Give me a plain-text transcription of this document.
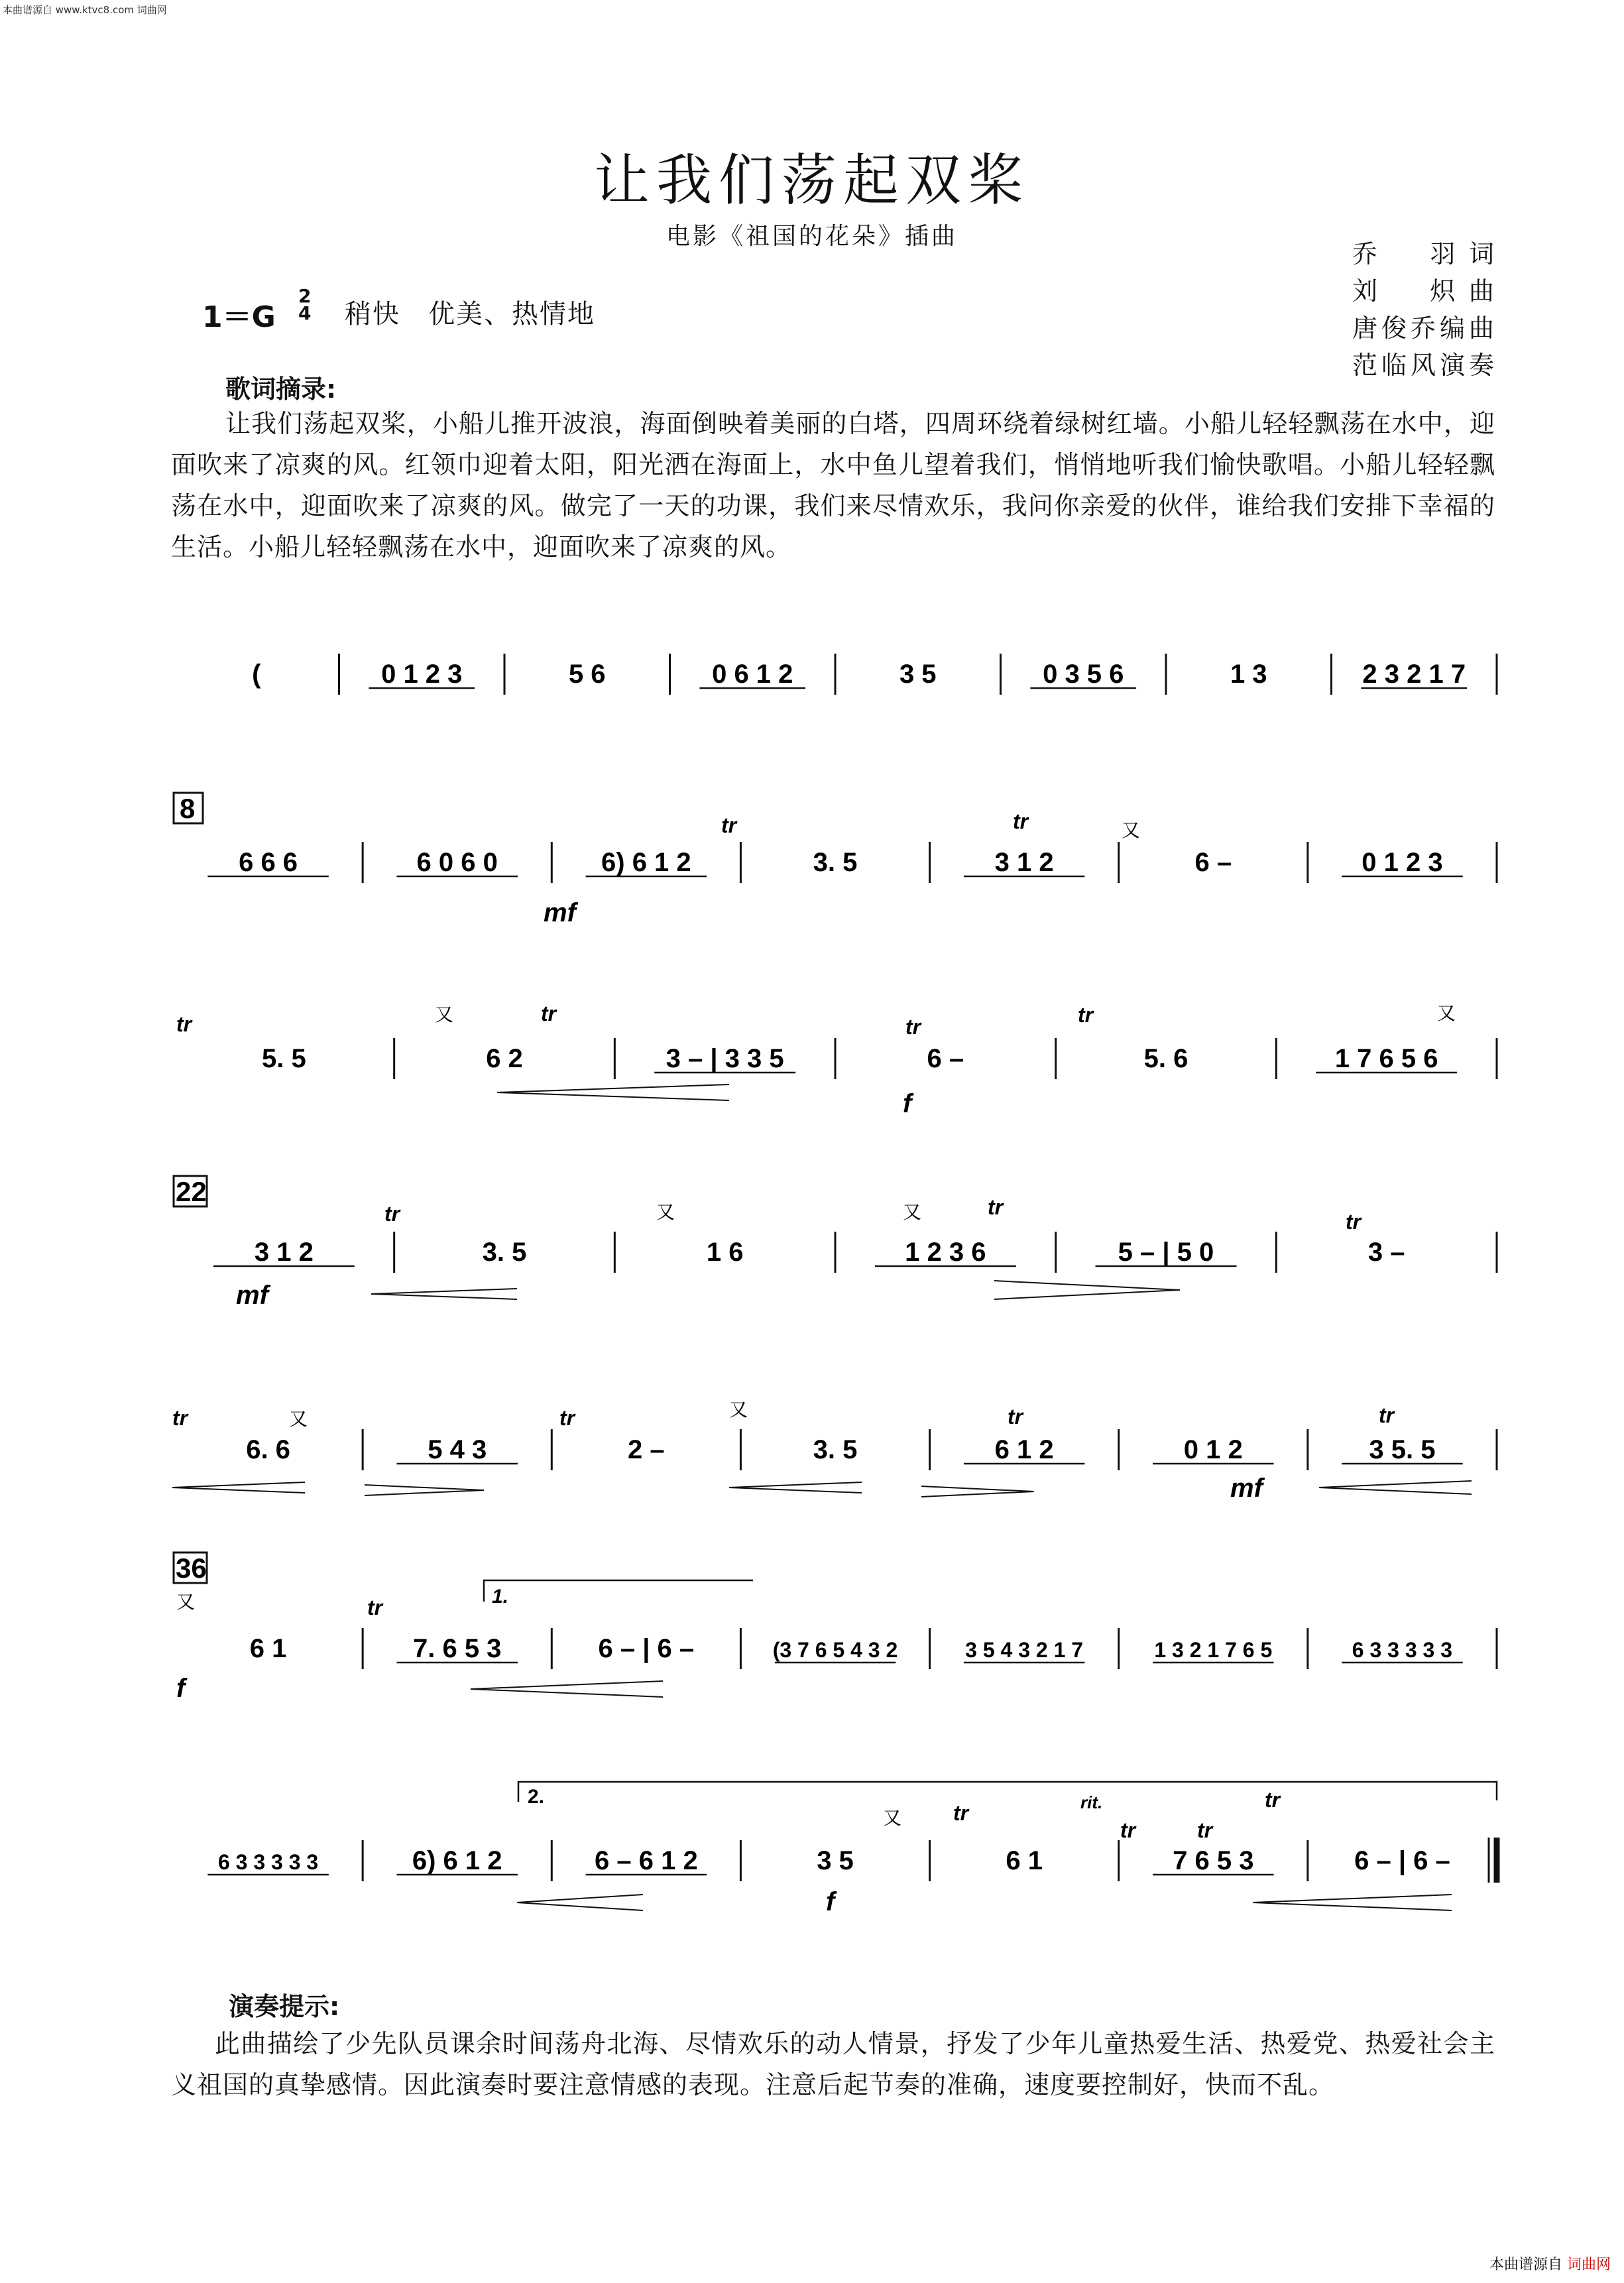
本曲谱源自 www.ktvc8.com 词曲网
让我们荡起双桨
电影《祖国的花朵》插曲
乔　羽词
刘　炽曲
唐俊乔编曲
范临风演奏
1＝G
2
4 稍快　优美、热情地
歌词摘录:
让我们荡起双桨，小船儿推开波浪，海面倒映着美丽的白塔，四周环绕着绿树红墙。小船儿轻轻飘荡在水中，迎面吹来了凉爽的风。红领巾迎着太阳，阳光洒在海面上，水中鱼儿望着我们，悄悄地听我们愉快歌唱。小船儿轻轻飘荡在水中，迎面吹来了凉爽的风。做完了一天的功课，我们来尽情欢乐，我问你亲爱的伙伴，谁给我们安排下幸福的生活。小船儿轻轻飘荡在水中，迎面吹来了凉爽的风。
(	0 1 2 3	5 6	0 6 1 2	3 5	0 3 5 6	1 3	2 3 2 1 7
6 6 6	6 0 6 0	6) 6 1 2	3. 5	3 1 2	6 –	0 1 2 3
5. 5	6 2	3 – | 3 3 5	6 –	5. 6	1 7 6 5 6
3 1 2	3. 5	1 6	1 2 3 6	5 – | 5 0	3 –
6. 6	5 4 3	2 –	3. 5	6 1 2	0 1 2	3 5. 5
6 1	7. 6 5 3	6 – | 6 –	(3 7 6 5 4 3 2	3 5 4 3 2 1 7	1 3 2 1 7 6 5	6 3 3 3 3 3
6 3 3 3 3 3	6) 6 1 2	6 – 6 1 2	3 5	6 1	7 6 5 3	6 – | 6 –
8
22
36
mf
f
mf
mf
f
f
tr	tr
tr	tr
tr	tr
tr	tr
tr
tr	tr	tr	tr
tr
tr
tr	tr
tr
rit.
又
又	又
又	又
又	又
又
又
1.
2.
演奏提示:
此曲描绘了少先队员课余时间荡舟北海、尽情欢乐的动人情景，抒发了少年儿童热爱生活、热爱党、热爱社会主义祖国的真挚感情。因此演奏时要注意情感的表现。注意后起节奏的准确，速度要控制好，快而不乱。
本曲谱源自 词曲网
